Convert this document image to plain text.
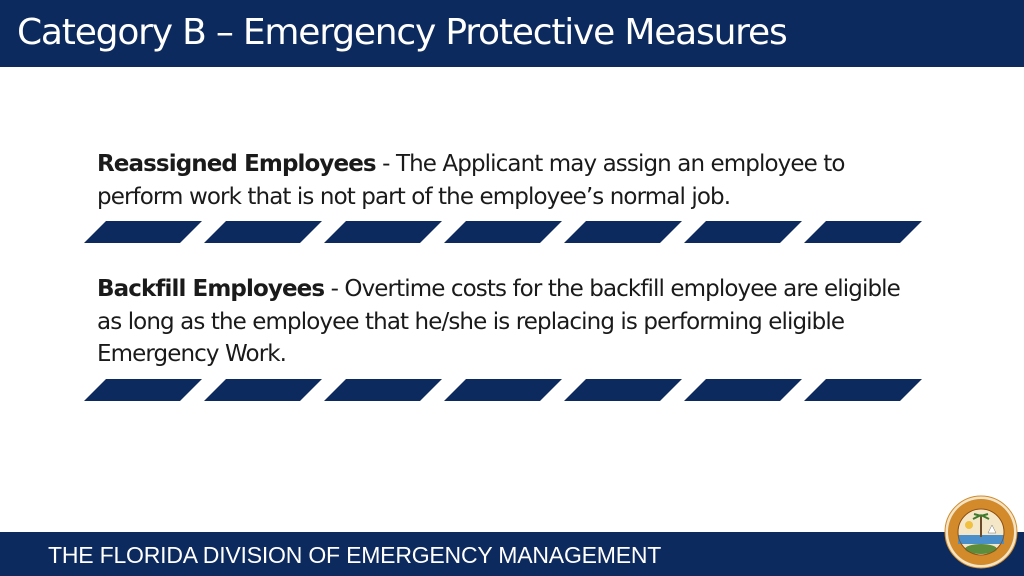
Category B – Emergency Protective Measures
Reassigned Employees - The Applicant may assign an employee to perform work that is not part of the employee’s normal job.
Backfill Employees - Overtime costs for the backfill employee are eligible as long as the employee that he/she is replacing is performing eligible Emergency Work.
THE FLORIDA DIVISION OF EMERGENCY MANAGEMENT
